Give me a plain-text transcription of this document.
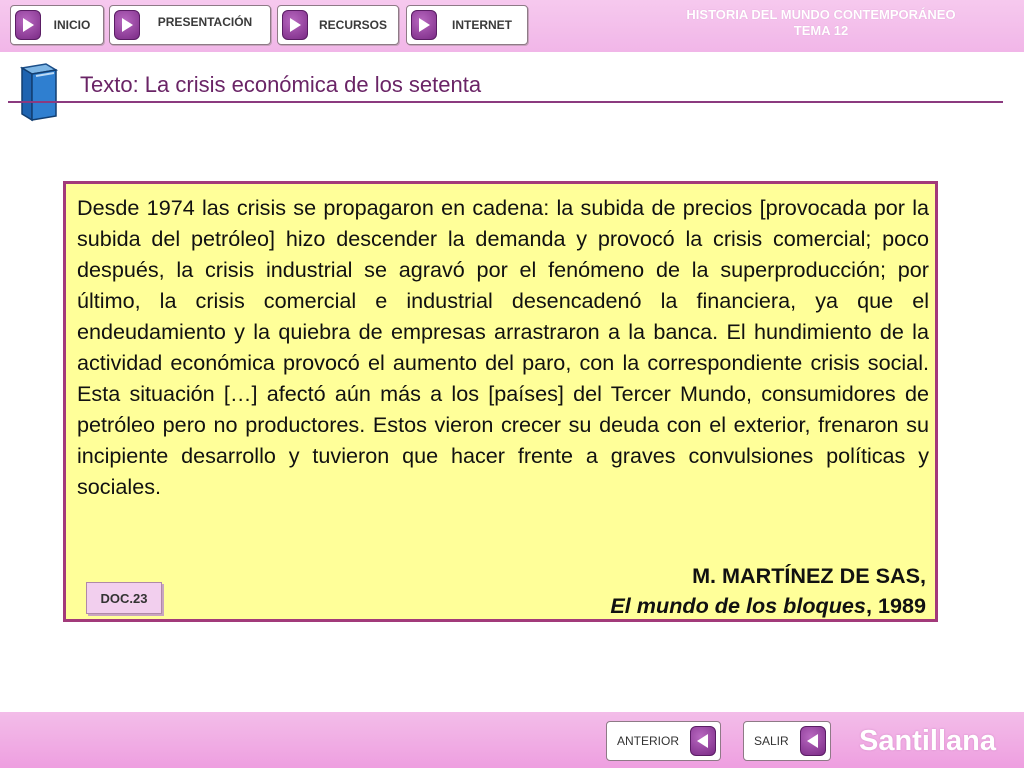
INICIO	PRESENTACIÓN	RECURSOS	INTERNET
HISTORIA DEL MUNDO CONTEMPORÁNEO
TEMA 12
Texto: La crisis económica de los setenta

Desde 1974 las crisis se propagaron en cadena: la subida de precios [provocada por la subida del petróleo] hizo descender la demanda y provocó la crisis comercial; poco después, la crisis industrial se agravó por el fenómeno de la superproducción; por último, la crisis comercial e industrial desencadenó la financiera, ya que el endeudamiento y la quiebra de empresas arrastraron a la banca. El hundimiento de la actividad económica provocó el aumento del paro, con la correspondiente crisis social. Esta situación […] afectó aún más a los [países] del Tercer Mundo, consumidores de petróleo pero no productores. Estos vieron crecer su deuda con el exterior, frenaron su incipiente desarrollo y tuvieron que hacer frente a graves convulsiones políticas y sociales.

DOC.23
M. MARTÍNEZ DE SAS,
El mundo de los bloques, 1989
ANTERIOR	SALIR	Santillana
